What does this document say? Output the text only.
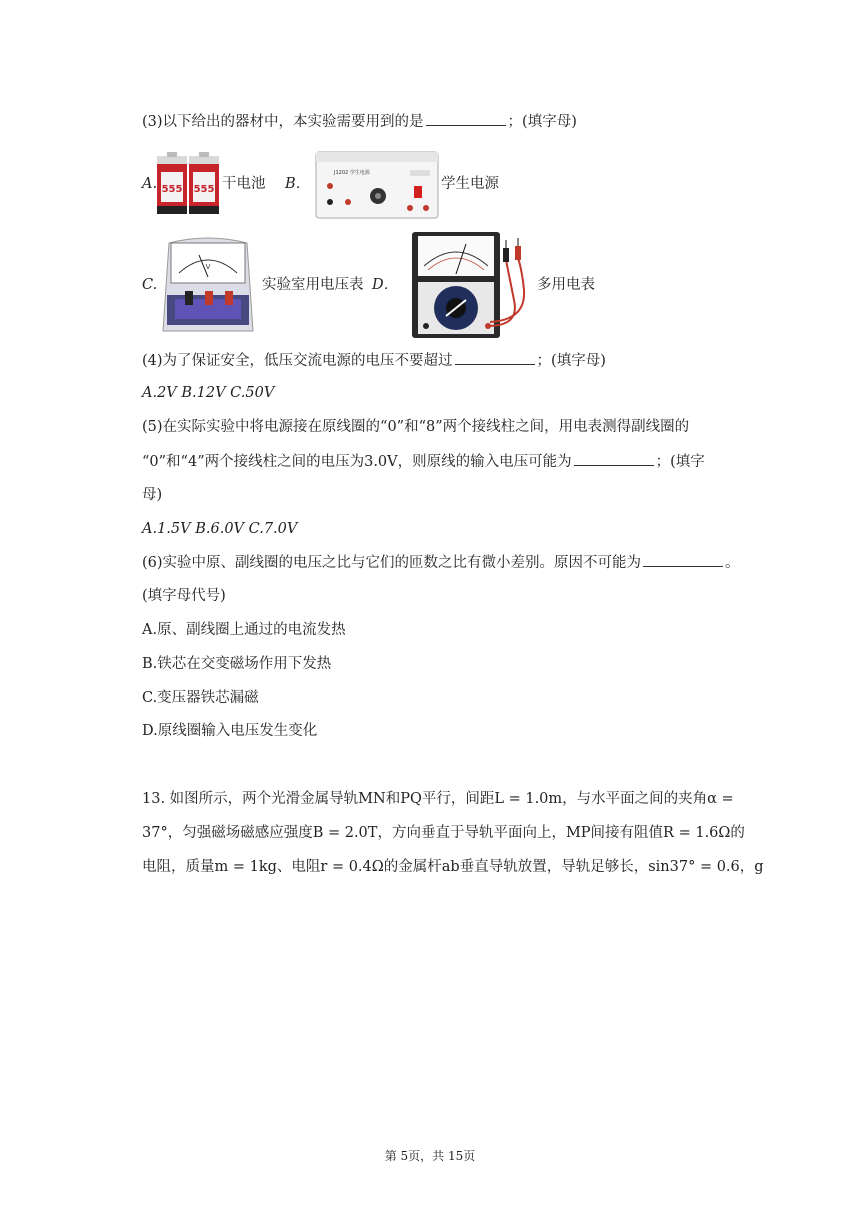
(3)以下给出的器材中，本实验需要用到的是	；(填字母)
A. 555 555 干电池 B．
J1202 学生电源
学生电源
C.
V
实验室用电压表 D．	多用电表
(4)为了保证安全，低压交流电源的电压不要超过	；(填字母)
A.2V B.12V C.50V
(5)在实际实验中将电源接在原线圈的“0”和“8”两个接线柱之间，用电表测得副线圈的
“0”和“4”两个接线柱之间的电压为3.0V，则原线的输入电压可能为	；(填字
母)
A.1.5V B.6.0V C.7.0V
(6)实验中原、副线圈的电压之比与它们的匝数之比有微小差别。原因不可能为	。
(填字母代号)
A.原、副线圈上通过的电流发热
B.铁芯在交变磁场作用下发热
C.变压器铁芯漏磁
D.原线圈输入电压发生变化
13. 如图所示，两个光滑金属导轨MN和PQ平行，间距L = 1.0m，与水平面之间的夹角α =
37°，匀强磁场磁感应强度B = 2.0T，方向垂直于导轨平面向上，MP间接有阻值R = 1.6Ω的
电阻，质量m = 1kg、电阻r = 0.4Ω的金属杆ab垂直导轨放置，导轨足够长，sin37° = 0.6，g
第 5页，共 15页
